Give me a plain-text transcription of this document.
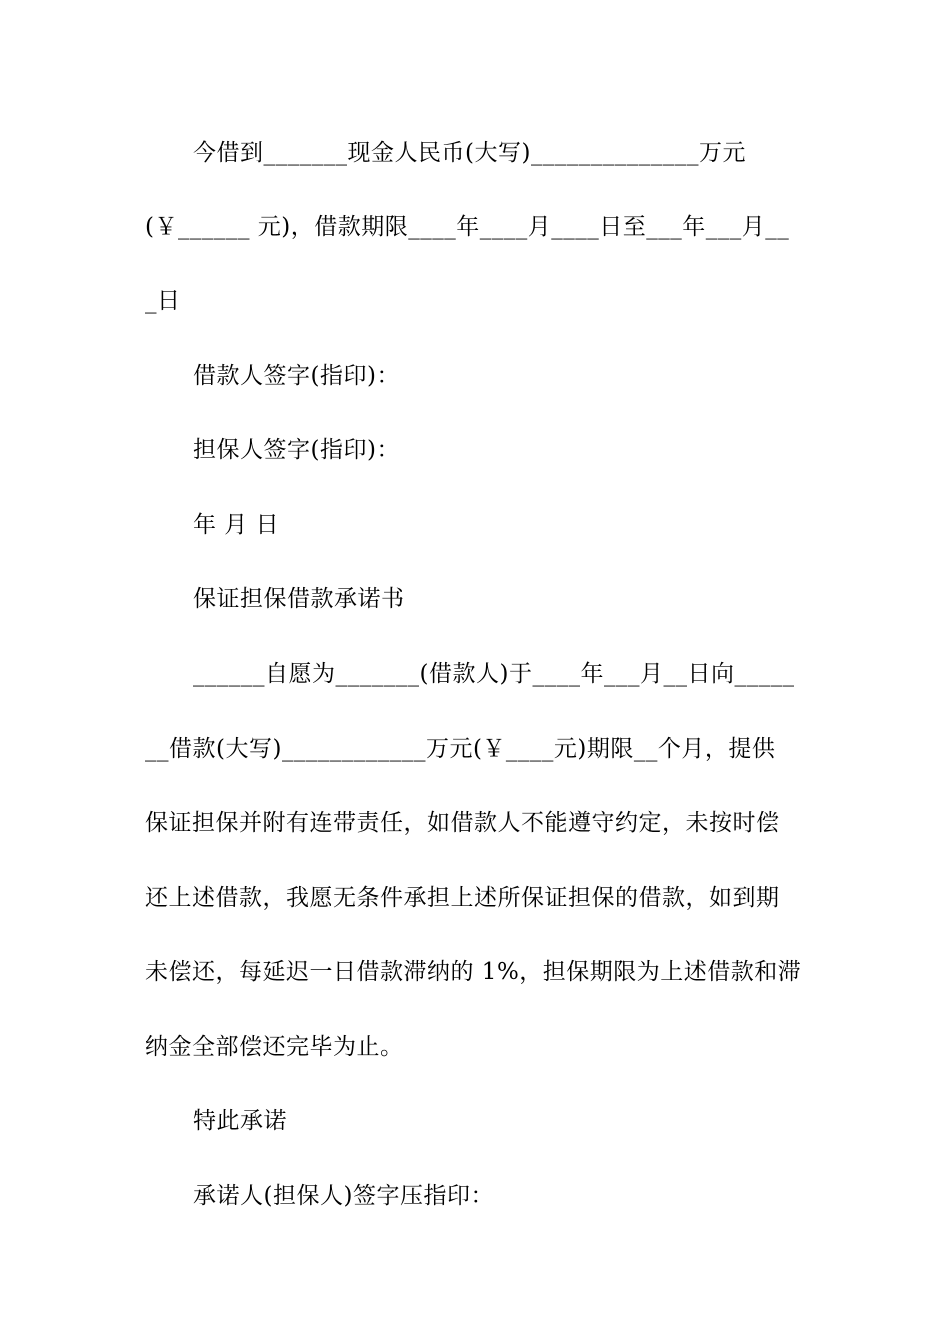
今借到_______现金人民币(大写)______________万元
(￥______ 元)，借款期限____年____月____日至___年___月__
_日
借款人签字(指印)：
担保人签字(指印)：
年 月 日
保证担保借款承诺书
______自愿为_______(借款人)于____年___月__日向_____
__借款(大写)____________万元(￥____元)期限__个月，提供
保证担保并附有连带责任，如借款人不能遵守约定，未按时偿
还上述借款，我愿无条件承担上述所保证担保的借款，如到期
未偿还，每延迟一日借款滞纳的 1%，担保期限为上述借款和滞
纳金全部偿还完毕为止。
特此承诺
承诺人(担保人)签字压指印：
